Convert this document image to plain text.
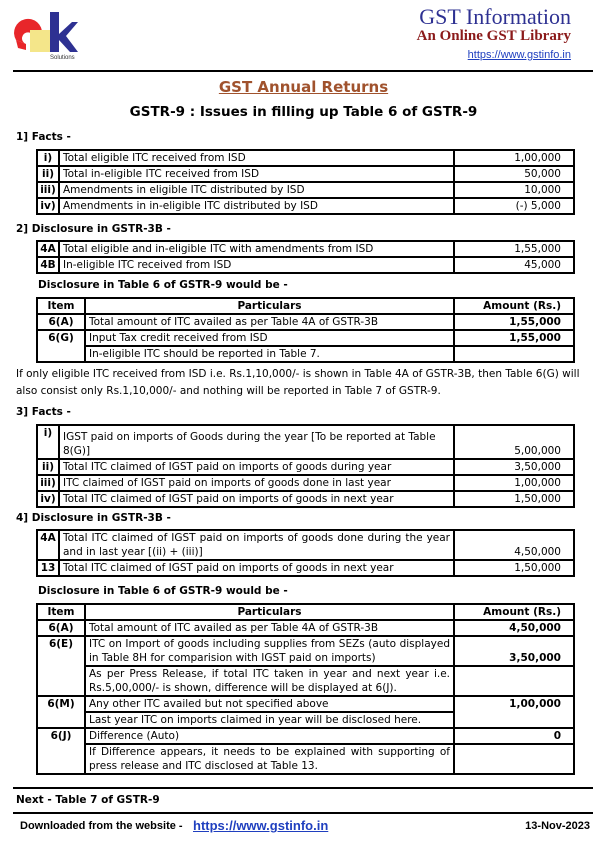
Solutions
GST Information
An Online GST Library
https://www.gstinfo.in
GST Annual Returns
GSTR-9 : Issues in filling up Table 6 of GSTR-9
1] Facts -
i)	Total eligible ITC received from ISD	1,00,000
ii)	Total in-eligible ITC received from ISD	50,000
iii)	Amendments in eligible ITC distributed by ISD	10,000
iv)	Amendments in in-eligible ITC distributed by ISD	(-) 5,000
2] Disclosure in GSTR-3B -
4A	Total eligible and in-eligible ITC with amendments from ISD	1,55,000
4B	In-eligible ITC received from ISD	45,000
Disclosure in Table 6 of GSTR-9 would be -
Item	Particulars	Amount (Rs.)
6(A)	Total amount of ITC availed as per Table 4A of GSTR-3B	1,55,000
6(G)	Input Tax credit received from ISD	1,55,000
	In-eligible ITC should be reported in Table 7.	
If only eligible ITC received from ISD i.e. Rs.1,10,000/- is shown in Table 4A of GSTR-3B, then Table 6(G) will also consist only Rs.1,10,000/- and nothing will be reported in Table 7 of GSTR-9.
3] Facts -
i)	IGST paid on imports of Goods during the year [To be reported at Table 8(G)]	5,00,000
ii)	Total ITC claimed of IGST paid on imports of goods during year	3,50,000
iii)	ITC claimed of IGST paid on imports of goods done in last year	1,00,000
iv)	Total ITC claimed of IGST paid on imports of goods in next year	1,50,000
4] Disclosure in GSTR-3B -
4A	Total ITC claimed of IGST paid on imports of goods done during the year and in last year [(ii) + (iii)]	4,50,000
13	Total ITC claimed of IGST paid on imports of goods in next year	1,50,000
Disclosure in Table 6 of GSTR-9 would be -
Item	Particulars	Amount (Rs.)
6(A)	Total amount of ITC availed as per Table 4A of GSTR-3B	4,50,000
6(E)	ITC on Import of goods including supplies from SEZs (auto displayed in Table 8H for comparision with IGST paid on imports)	3,50,000
	As per Press Release, if total ITC taken in year and next year i.e. Rs.5,00,000/- is shown, difference will be displayed at 6(J).	
6(M)	Any other ITC availed but not specified above	1,00,000
	Last year ITC on imports claimed in year will be disclosed here.	
6(J)	Difference (Auto)	0
	If Difference appears, it needs to be explained with supporting of press release and ITC disclosed at Table 13.	
Next - Table 7 of GSTR-9
Downloaded from the website - https://www.gstinfo.in	13-Nov-2023
